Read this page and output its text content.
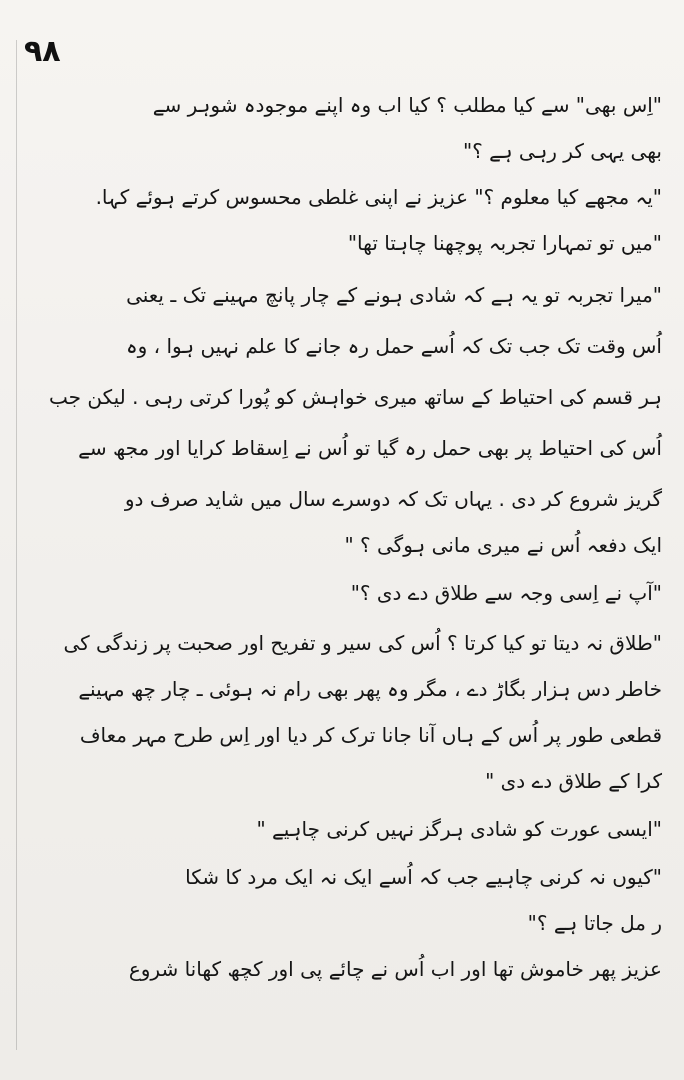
۹۸
"اِس بھی" سے کیا مطلب ؟ کیا اب وہ اپنے موجودہ شوہر سے
بھی یہی کر رہی ہے ؟"
"یہ مجھے کیا معلوم ؟" عزیز نے اپنی غلطی محسوس کرتے ہوئے کہا.
"میں تو تمہارا تجربہ پوچھنا چاہتا تھا"
"میرا تجربہ تو یہ ہے کہ شادی ہونے کے چار پانچ مہینے تک ـ یعنی
اُس وقت تک جب تک کہ اُسے حمل رہ جانے کا علم نہیں ہوا ، وہ
ہر قسم کی احتیاط کے ساتھ میری خواہش کو پُورا کرتی رہی . لیکن جب
اُس کی احتیاط پر بھی حمل رہ گیا تو اُس نے اِسقاط کرایا اور مجھ سے
گریز شروع کر دی . یہاں تک کہ دوسرے سال میں شاید صرف دو
ایک دفعہ اُس نے میری مانی ہوگی ؟ "
"آپ نے اِسی وجہ سے طلاق دے دی ؟"
"طلاق نہ دیتا تو کیا کرتا ؟ اُس کی سیر و تفریح اور صحبت پر زندگی کی
خاطر دس ہزار بگاڑ دے ، مگر وہ پھر بھی رام نہ ہوئی ـ چار چھ مہینے
قطعی طور پر اُس کے ہاں آنا جانا ترک کر دیا اور اِس طرح مہر معاف
کرا کے طلاق دے دی "
"ایسی عورت کو شادی ہرگز نہیں کرنی چاہیے "
"کیوں نہ کرنی چاہیے جب کہ اُسے ایک نہ ایک مرد کا شکا
ر مل جاتا ہے ؟"
عزیز پھر خاموش تھا اور اب اُس نے چائے پی اور کچھ کھانا شروع
